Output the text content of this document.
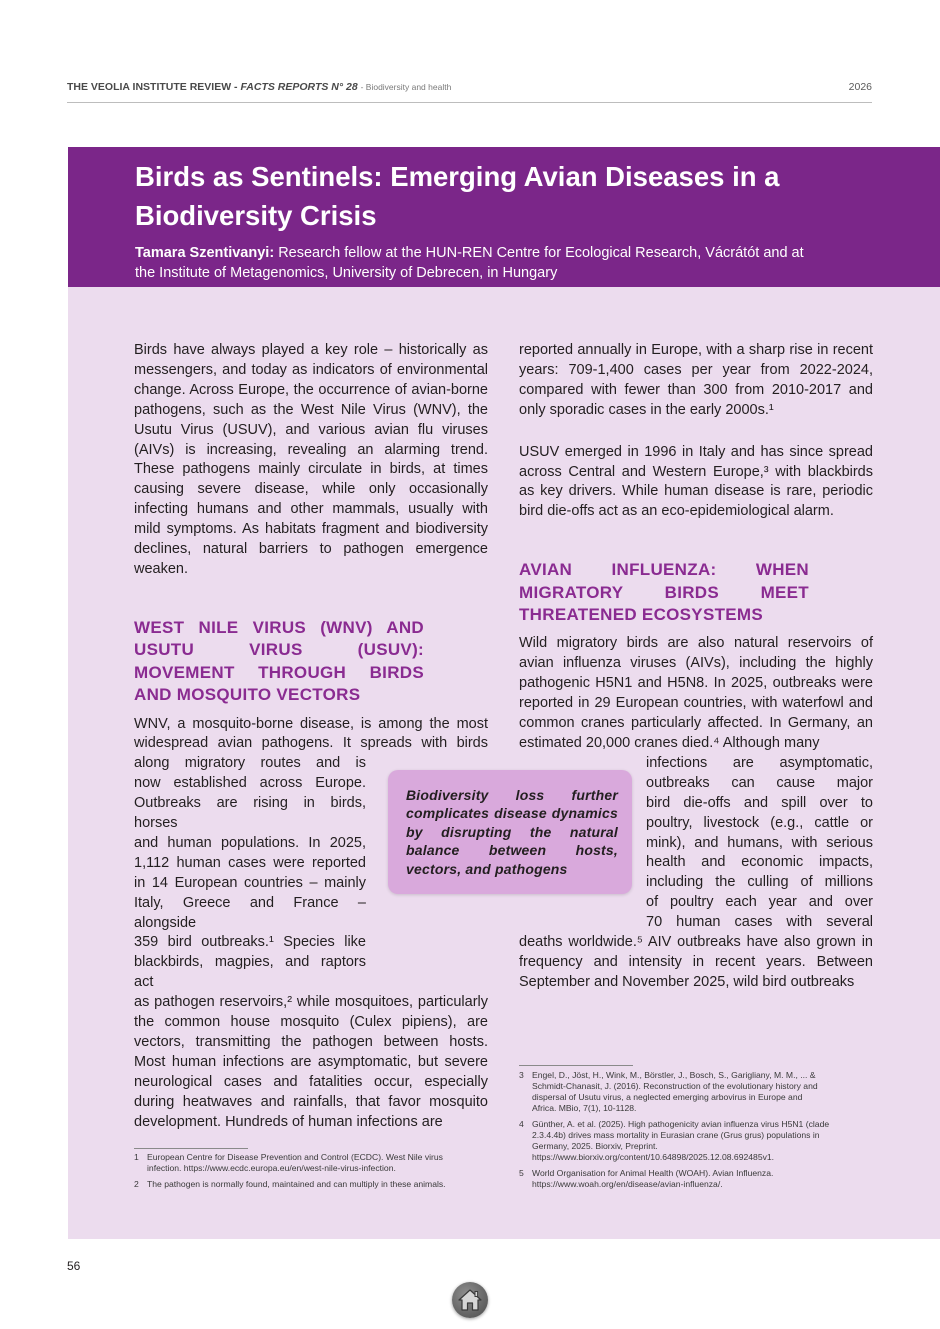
THE VEOLIA INSTITUTE REVIEW - FACTS REPORTS N° 28 - Biodiversity and health	2026
Birds as Sentinels: Emerging Avian Diseases in a Biodiversity Crisis
Tamara Szentivanyi: Research fellow at the HUN-REN Centre for Ecological Research, Vácrátót and at the Institute of Metagenomics, University of Debrecen, in Hungary

Birds have always played a key role – historically as messengers, and today as indicators of environmental change. Across Europe, the occurrence of avian-borne pathogens, such as the West Nile Virus (WNV), the Usutu Virus (USUV), and various avian flu viruses (AIVs) is increasing, revealing an alarming trend. These pathogens mainly circulate in birds, at times causing severe disease, while only occasionally infecting humans and other mammals, usually with mild symptoms. As habitats fragment and biodiversity declines, natural barriers to pathogen emergence weaken.

WEST NILE VIRUS (WNV) AND USUTU VIRUS (USUV): MOVEMENT THROUGH BIRDS AND MOSQUITO VECTORS
WNV, a mosquito-borne disease, is among the most
widespread avian pathogens. It spreads with birds
along migratory routes and is
now established across Europe.
Outbreaks are rising in birds, horses
and human populations. In 2025,
1,112 human cases were reported
in 14 European countries – mainly
Italy, Greece and France – alongside
359 bird outbreaks.¹ Species like
blackbirds, magpies, and raptors act

as pathogen reservoirs,² while mosquitoes, particularly the common house mosquito (Culex pipiens), are vectors, transmitting the pathogen between hosts. Most human infections are asymptomatic, but severe neurological cases and fatalities occur, especially during heatwaves and rainfalls, that favor mosquito development. Hundreds of human infections are

reported annually in Europe, with a sharp rise in recent years: 709-1,400 cases per year from 2022-2024, compared with fewer than 300 from 2010-2017 and only sporadic cases in the early 2000s.¹

USUV emerged in 1996 in Italy and has since spread across Central and Western Europe,³ with blackbirds as key drivers. While human disease is rare, periodic bird die-offs act as an eco-epidemiological alarm.

AVIAN INFLUENZA: WHEN MIGRATORY BIRDS MEET THREATENED ECOSYSTEMS

Wild migratory birds are also natural reservoirs of avian influenza viruses (AIVs), including the highly pathogenic H5N1 and H5N8. In 2025, outbreaks were reported in 29 European countries, with waterfowl and common cranes particularly affected. In Germany, an estimated 20,000 cranes died.⁴ Although many

infections are asymptomatic,
outbreaks can cause major
bird die-offs and spill over to
poultry, livestock (e.g., cattle or
mink), and humans, with serious
health and economic impacts,
including the culling of millions
of poultry each year and over
70 human cases with several

deaths worldwide.⁵ AIV outbreaks have also grown in frequency and intensity in recent years. Between September and November 2025, wild bird outbreaks

Biodiversity loss further complicates disease dynamics by disrupting the natural balance between hosts, vectors, and pathogens
1 European Centre for Disease Prevention and Control (ECDC). West Nile virus infection. https://www.ecdc.europa.eu/en/west-nile-virus-infection.
2 The pathogen is normally found, maintained and can multiply in these animals.
3 Engel, D., Jöst, H., Wink, M., Börstler, J., Bosch, S., Garigliany, M. M., ... & Schmidt-Chanasit, J. (2016). Reconstruction of the evolutionary history and dispersal of Usutu virus, a neglected emerging arbovirus in Europe and Africa. MBio, 7(1), 10-1128.
4 Günther, A. et al. (2025). High pathogenicity avian influenza virus H5N1 (clade 2.3.4.4b) drives mass mortality in Eurasian crane (Grus grus) populations in Germany, 2025. Biorxiv, Preprint. https://www.biorxiv.org/content/10.64898/2025.12.08.692485v1.
5 World Organisation for Animal Health (WOAH). Avian Influenza. https://www.woah.org/en/disease/avian-influenza/.
56
